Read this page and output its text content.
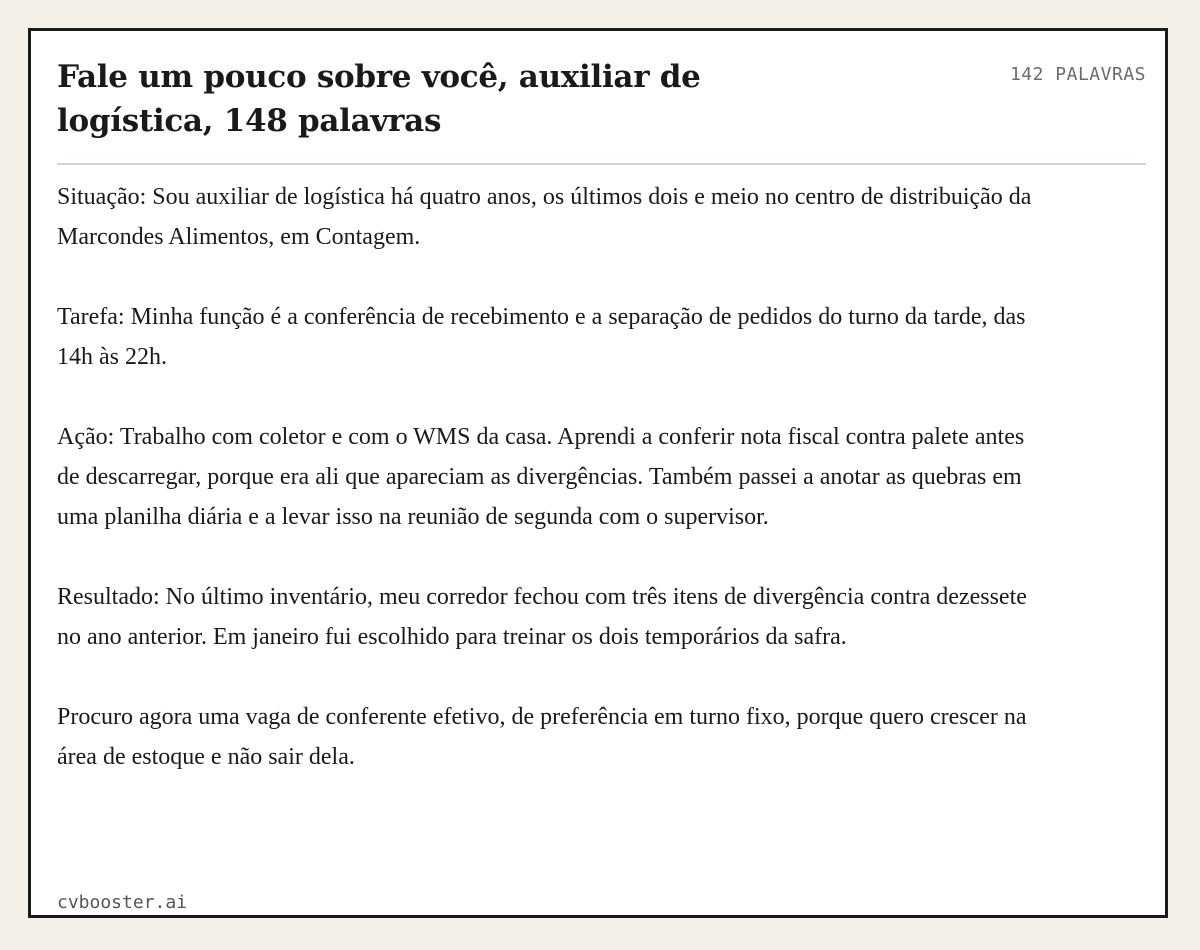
Fale um pouco sobre você, auxiliar de logística, 148 palavras
142 PALAVRAS

Situação: Sou auxiliar de logística há quatro anos, os últimos dois e meio no centro de distribuição da Marcondes Alimentos, em Contagem.

Tarefa: Minha função é a conferência de recebimento e a separação de pedidos do turno da tarde, das 14h às 22h.

Ação: Trabalho com coletor e com o WMS da casa. Aprendi a conferir nota fiscal contra palete antes de descarregar, porque era ali que apareciam as divergências. Também passei a anotar as quebras em uma planilha diária e a levar isso na reunião de segunda com o supervisor.

Resultado: No último inventário, meu corredor fechou com três itens de divergência contra dezessete no ano anterior. Em janeiro fui escolhido para treinar os dois temporários da safra.

Procuro agora uma vaga de conferente efetivo, de preferência em turno fixo, porque quero crescer na área de estoque e não sair dela.

cvbooster.ai
